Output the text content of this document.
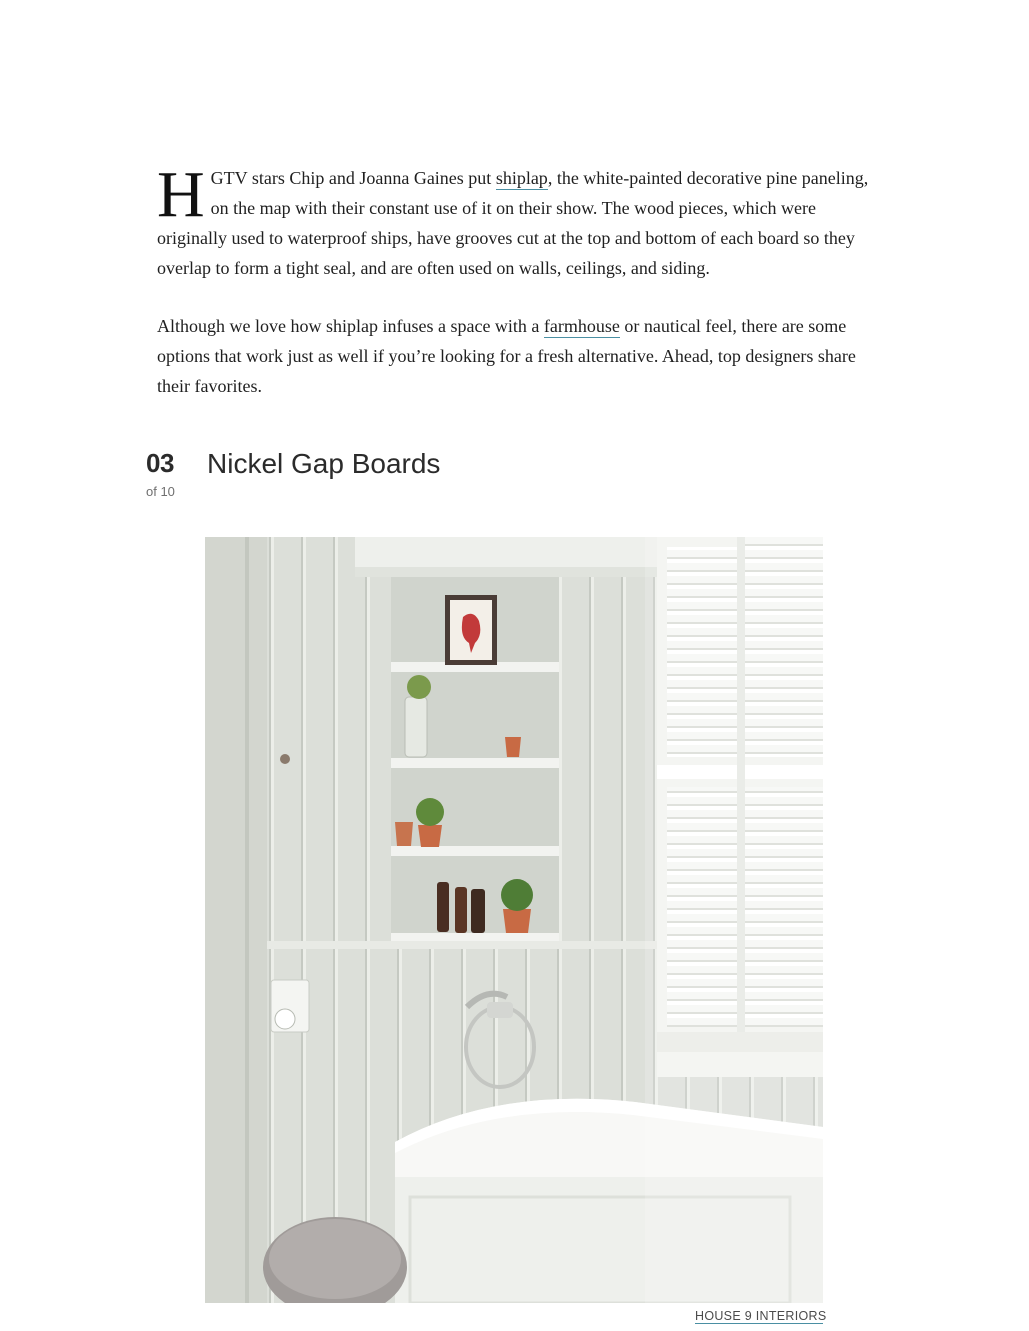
HGTV stars Chip and Joanna Gaines put shiplap, the white-painted decorative pine paneling, on the map with their constant use of it on their show. The wood pieces, which were originally used to waterproof ships, have grooves cut at the top and bottom of each board so they overlap to form a tight seal, and are often used on walls, ceilings, and siding.

Although we love how shiplap infuses a space with a farmhouse or nautical feel, there are some options that work just as well if you’re looking for a fresh alternative. Ahead, top designers share their favorites.

03
of 10
Nickel Gap Boards
HOUSE 9 INTERIORS
